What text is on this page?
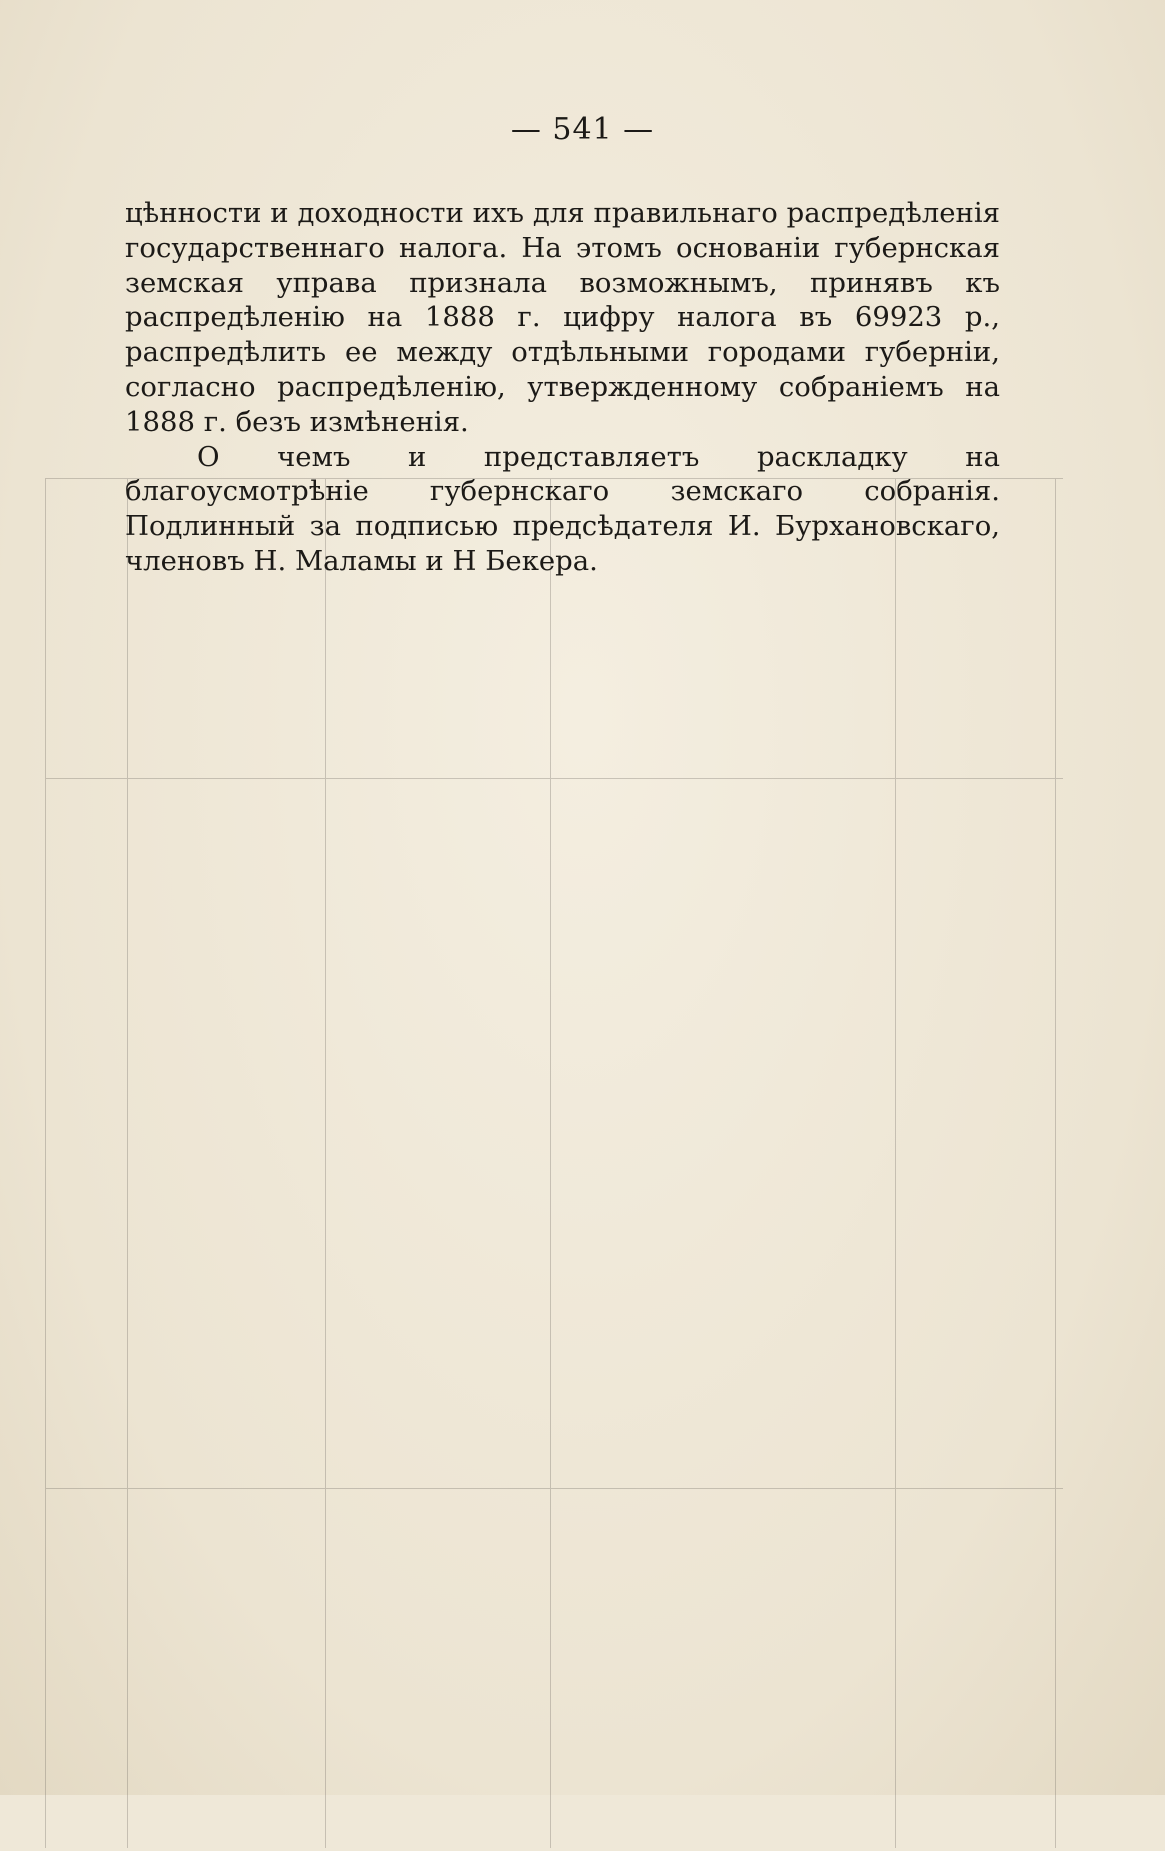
— 541 —

цѣнности и доходности ихъ для правильнаго распредѣленія государственнаго налога. На этомъ основаніи губернская земская управа признала возможнымъ, принявъ къ распредѣленію на 1888 г. цифру налога въ 69923 р., распредѣлить ее между отдѣльными городами губерніи, согласно распредѣленію, утвержденному собраніемъ на 1888 г. безъ измѣненія.

О чемъ и представляетъ раскладку на благоусмотрѣніе губернскаго земскаго собранія. Подлинный за подписью предсѣдателя И. Бурхановскаго, членовъ Н. Маламы и Н Бекера.
